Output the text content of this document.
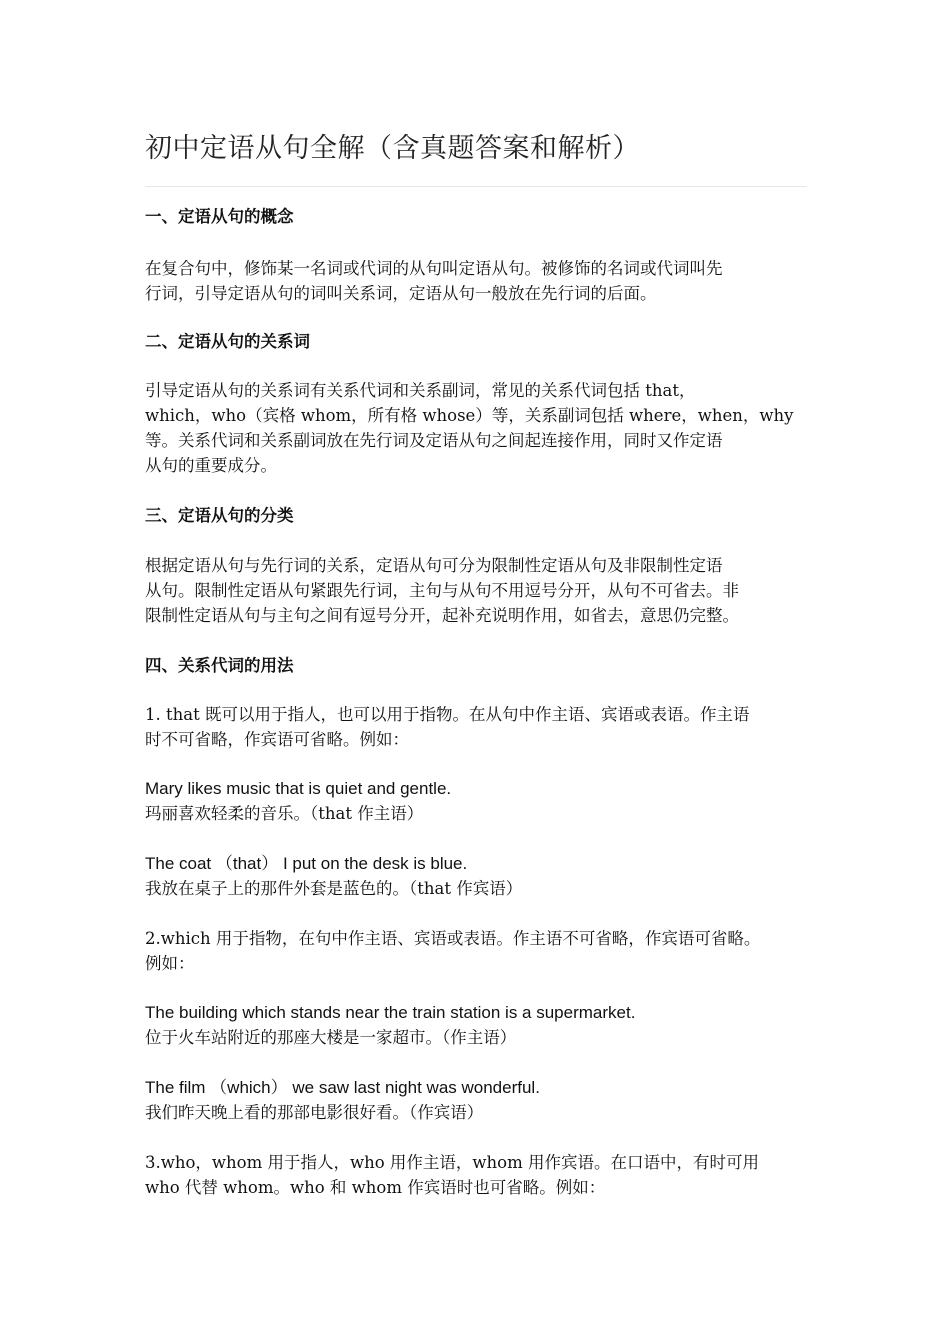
初中定语从句全解（含真题答案和解析）
一、定语从句的概念
在复合句中，修饰某一名词或代词的从句叫定语从句。被修饰的名词或代词叫先
行词，引导定语从句的词叫关系词，定语从句一般放在先行词的后面。
二、定语从句的关系词
引导定语从句的关系词有关系代词和关系副词，常见的关系代词包括 that，
which，who（宾格 whom，所有格 whose）等，关系副词包括 where，when，why
等。关系代词和关系副词放在先行词及定语从句之间起连接作用，同时又作定语
从句的重要成分。
三、定语从句的分类
根据定语从句与先行词的关系，定语从句可分为限制性定语从句及非限制性定语
从句。限制性定语从句紧跟先行词，主句与从句不用逗号分开，从句不可省去。非
限制性定语从句与主句之间有逗号分开，起补充说明作用，如省去，意思仍完整。
四、关系代词的用法
1. that 既可以用于指人，也可以用于指物。在从句中作主语、宾语或表语。作主语
时不可省略，作宾语可省略。例如：
Mary likes music that is quiet and gentle.
玛丽喜欢轻柔的音乐。（that 作主语）
The coat （that） I put on the desk is blue.
我放在桌子上的那件外套是蓝色的。（that 作宾语）
2.which 用于指物，在句中作主语、宾语或表语。作主语不可省略，作宾语可省略。
例如：
The building which stands near the train station is a supermarket.
位于火车站附近的那座大楼是一家超市。（作主语）
The film （which） we saw last night was wonderful.
我们昨天晚上看的那部电影很好看。（作宾语）
3.who，whom 用于指人，who 用作主语，whom 用作宾语。在口语中，有时可用
who 代替 whom。who 和 whom 作宾语时也可省略。例如：
